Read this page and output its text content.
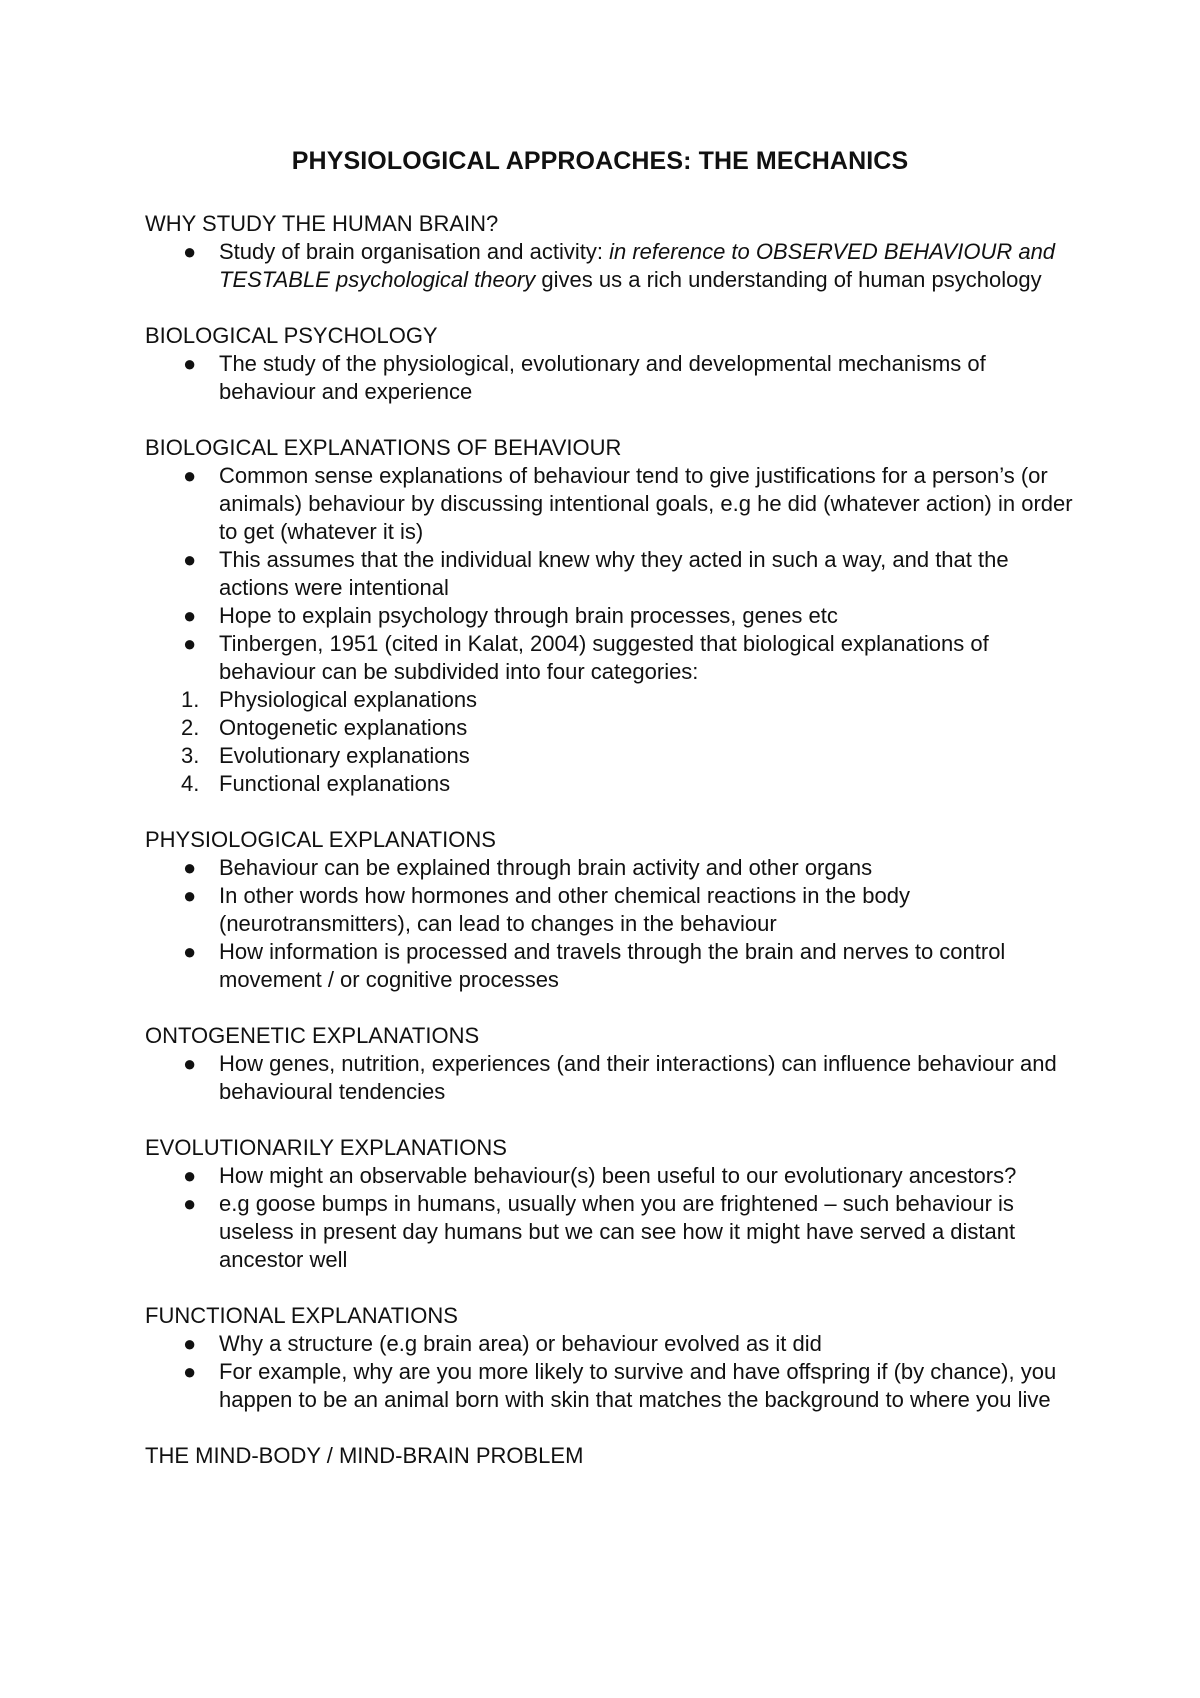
PHYSIOLOGICAL APPROACHES: THE MECHANICS
WHY STUDY THE HUMAN BRAIN?
●	Study of brain organisation and activity: in reference to OBSERVED BEHAVIOUR and TESTABLE psychological theory gives us a rich understanding of human psychology
BIOLOGICAL PSYCHOLOGY
●	The study of the physiological, evolutionary and developmental mechanisms of behaviour and experience
BIOLOGICAL EXPLANATIONS OF BEHAVIOUR
●	Common sense explanations of behaviour tend to give justifications for a person’s (or animals) behaviour by discussing intentional goals, e.g he did (whatever action) in order to get (whatever it is)
●	This assumes that the individual knew why they acted in such a way, and that the actions were intentional
●	Hope to explain psychology through brain processes, genes etc
●	Tinbergen, 1951 (cited in Kalat, 2004) suggested that biological explanations of behaviour can be subdivided into four categories:
1. Physiological explanations
2. Ontogenetic explanations
3. Evolutionary explanations
4. Functional explanations
PHYSIOLOGICAL EXPLANATIONS
●	Behaviour can be explained through brain activity and other organs
●	In other words how hormones and other chemical reactions in the body (neurotransmitters), can lead to changes in the behaviour
●	How information is processed and travels through the brain and nerves to control movement / or cognitive processes
ONTOGENETIC EXPLANATIONS
●	How genes, nutrition, experiences (and their interactions) can influence behaviour and behavioural tendencies
EVOLUTIONARILY EXPLANATIONS
●	How might an observable behaviour(s) been useful to our evolutionary ancestors?
●	e.g goose bumps in humans, usually when you are frightened – such behaviour is useless in present day humans but we can see how it might have served a distant ancestor well
FUNCTIONAL EXPLANATIONS
●	Why a structure (e.g brain area) or behaviour evolved as it did
●	For example, why are you more likely to survive and have offspring if (by chance), you happen to be an animal born with skin that matches the background to where you live
THE MIND-BODY / MIND-BRAIN PROBLEM
